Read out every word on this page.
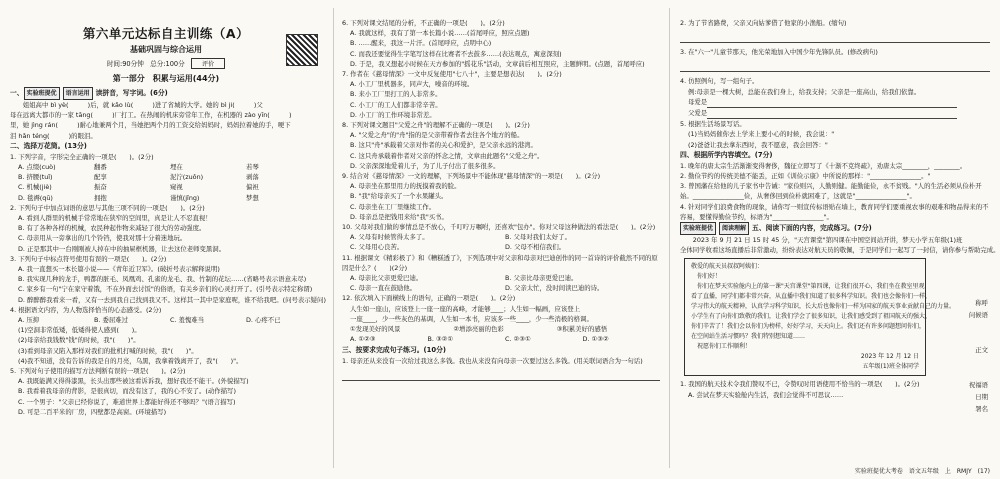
第六单元达标自主训练（A）
基础巩固与综合运用
时间:90分钟 总分:100分	评价
第一部分　积累与运用(44分)
一、 实验班提优 语言运用 读拼音，写字词。(6分)
　　姐姐高中 bì yè(　　　)后，就 kǎo lù(　　　)进了省城的大学。她的 bì ji(　　　)父
母在远离大都市的一家 tāng(　　　)厂打工。在热闹的机床旁常年工作，在机器的 zào yīn(　　　)
里，她 jìng rán(　　　)耐心地兼两个月，当她把两个月的工资交给妈妈时，妈妈拉着她的手，哽下
泪 hǎn téng(　　　)的眼泪。
二、选择万花筒。(13分)
1. 下列字音，字形完全正确的一项是(　　)。(2分)
A. 点缀(cuò)	翻番	埋在	若琴
B. 挤腰(tuǐ)	配享	泥泞(zuǒn)	剥落
C. 机械(jiè)	振奋	窥视	偏袒
D. 毯褥(qū)	拥抱	谨慎(jǐng)	梦想
2. 下列句子中加点词语的意思与其他三项不同的一项是(　　)。(2分)
A. 看到人群里的机械手常常地在狭窄的空间里，真是让人不忍直视！
B. 有了各种各样的机械，农民种起作物来减轻了很大的劳动强度。
C. 母亲用从一旁拿出的几个铃铛，使我对那十分着迷地玩。
D. 正是那其中一台刚刚被人掉在中的抽屉框机器，让去这位老师变黑洞。
3. 下列句子中标点符号使用有误的一项是(　　)。(2分)
A. 我一直想买一本长篇小说——《青年近卫军》。(破折号表示解释说明)
B. 我实现几种的龙手，鸭都的脏毛、凤凰鸡、孔雀的龙毛、我、竹制的花坛……(省略号表示语意未尽)
C. 家乡有一句"宁在家守着饿，不在外面去讨饭"的俗语，有关乡亲们的心灵打开了。(引号表示特定称谓)
D. 醉醉醉我看来一看，又有一去到我自己找到我又不。这样其一其中是家庭呢，谁不给我吧。(问号表示疑问)
4. 根据语文内容，为人物选择恰当的心态感受。(2分)
A. 压抑	B. 委屈难过	C. 羞愧难当	D. 心疼不已
(1)空洞非常低矮，低矮得使人感到(　　)。
(2)母亲给我钱数"钱"的时候，我"(　　)"。
(3)看到母亲又陷入那样对我们的批机打喊的时候，我"(　　)"。
(4)我不知道，没有告诉的我是自的月亮，乌黑，我拿着钱离开了，我"(　　)"。
5. 下列对句子使用的描写方法判断有误的一项是(　　)。(2分)
A. 我既能满又得得漆黑，长头出那些被这看诉诉我，想好我还不能干。(外貌描写)
B. 我看着我母亲的背影，是很真切，而没有这了，我的心不安了。(动作描写)
C. 一个男子："父亲已经你说了，难道世界上都能好得还不够吗？"(语言描写)
D. 可是二百平米的厂房，四壁都是高窗。(环境描写)
6. 下列对课文结尾的分析，不正确的一项是(　　)。(2分)
A. 我就这样，我有了第一本长篇小说……(首尾呼应，照应点题)
B. ……醒来，我这一片汗。(首尾呼应，点明中心)
C. 而我还要觉得生字笔写这样在比赛者不去鼓多……(表达观点，寓意深刻)
D. 于是，我又想起小时候在天方参加的"摇花乐"活动，文章前后相互照应，主题鲜明。(点题，首尾呼应)
7. 作者在《慈母情深》一文中反复使用"七八十"，主要是想表达(　　)。(2分)
A. 小工厂里机器多，同声大，噪音的环境。
B. 来小工厂里打工的人非常多。
C. 小工厂的工人们都非常辛苦。
D. 小工厂的工作环境非常差。
8. 下列对课文题目"父爱之舟"的理解不正确的一项是(　　)。(2分)
A. "父爱之舟"的"舟"指的是父亲带着作者去往各个地方的船。
B. 这只"舟"承载着父亲对作者的关心和爱护，是父亲永远的港湾。
C. 这只舟承载着作者对父亲的怀念之情，文章由此题名"父爱之舟"。
D. 父亲深深地爱着儿子，为了儿子付出了很多很多。
9. 结合对《慈母情深》一文的理解，下列场景中不能体现"慈母情深"的一项是(　　)。(2分)
A. 母亲坐在那里用力的抚摸着我的脸。
B. "我"给母亲买了一个水果罐头。
C. 母亲坐在工厂里继续工作。
D. 母亲总是把钱用来给"我"买书。
10. 父母对我们做的事情总是不放心，千叮咛万嘱咐，还喜欢"包办"。你对父母这种做法的看法是(　　)。(2分)
A. 父母有时候管得太多了。	B. 父母对我们太好了。
C. 父母用心良苦。	D. 父母不相信我们。
11. 根据课文《精彩极了》和《糟糕透了》，下列选项中对父亲和母亲对巴迪创作的同一首诗的评价截然不同的原因是什么？(　　)(2分)
A. 母亲比父亲更爱巴迪。	B. 父亲比母亲更爱巴迪。
C. 母亲一直在鼓励他。	D. 父亲太忙，没时间读巴迪的诗。
12. 依次填入下面横线上的语句，正确的一项是(　　)。(2分)
人生如一座山，应该登上一座一座的高峰，才能够____；人生如一幅画，应该登上
一座____，少一些灰色的基调，人生如一本书，应该多一些____，少一些消极的格调。
①发现美好的风景	②增添亮丽的色彩	③积累美好的感悟
A. ①②③	B. ③②①	C. ②③①	D. ①③②
三、按要求完成句子练习。(10分)
1. 母亲还从来没有一次给过我这么多钱。我也从来没有向母亲一次要过这么多钱。(用关联词语合为一句话)
2. 为了节省路费，父亲又向姑爹借了他家的小渔船。(缩句)
3. 在"六一"儿童节那天，他光荣地加入中国少年先锋队员。(修改病句)
4. 仿照例句，写一组句子。
例:母亲是一棵大树，总能在我们身上，给我支持；父亲是一座高山，给我们依靠。
母爱是
父爱是
5. 根据生活场景写话。
(1)当妈妈催你去上学来上要小心的时候，我会说："
(2)爸爸让我去拿东西时，我不愿意，我会回答："
四、根据所学内容填空。(7分)
1. 晚年的唐太宗生活渐渐变得奢侈，魏征立即写了《十渐不克终疏》，劝唐太宗________，________。
2. 勤俭节约的传统美德不能丢，正如《训俭示康》中所说的那样："________________。"
3. 曾国藩在给他的儿子家书中告诫："家俭则兴，人勤则健。能勤能俭，永不贫贱。"人的生活必须从俭朴开始。________________俭，从奢侈回到俭朴就困难了，这就是"________________"。
4. 针对同学们浪费食物的现象，请你写一则宣传标语贴在墙上，教育同学们要重视农事的艰难和物品得来的不容易，要懂得勤俭节约，标语为"________________"。
实验班提优 阅读理解 五、阅读下面的内容，完成练习。(7分)
　　2023 年 9 月 21 日 15 时 45 分，"天宫课堂"第四课在中国空间站开讲，梦天小学五年级(1)班
全体同学收看这场直播后非常激动，纷纷表达对航天员的敬佩，于是同学们一起写了一封信，请你参与帮助完成。
敬爱的航天员叔叔阿姨们：
　你们好！
　你们在梦天实验舱内上的第一课"天宫课堂"第四课，让我们很开心，我们坐在教室里观
看了直播，同学们都非常兴奋，从直播中我们知道了很多科学知识。我们也会像你们一样，
学习伟大的航天精神，认真学习科学知识，长大后也像你们一样为国家的航天事业贡献自己的力量。
小学生有了向你们致敬的我们，让我们学会了很多知识，让我们感受到了祖国航天的强大，
你们辛苦了！我们会以你们为榜样，好好学习，天天向上。我们还有许多问题想问你们，
在空间站生活习惯吗？我们特别想知道……
　祝愿你们工作顺利！
2023 年 12 月 12 日
五年级(1)班全体同学
称呼
问候语
正文
祝福语
日期
署名
1. 我国的航天技术令我们赞叹不已，令赞叹时用语使用不恰当的一项是(　　)。(2分)
A. 尝试在梦天实验舱内生活，我们会觉得不可思议……
实验班提优大考卷　语文五年级　上　RMJY　(17)
